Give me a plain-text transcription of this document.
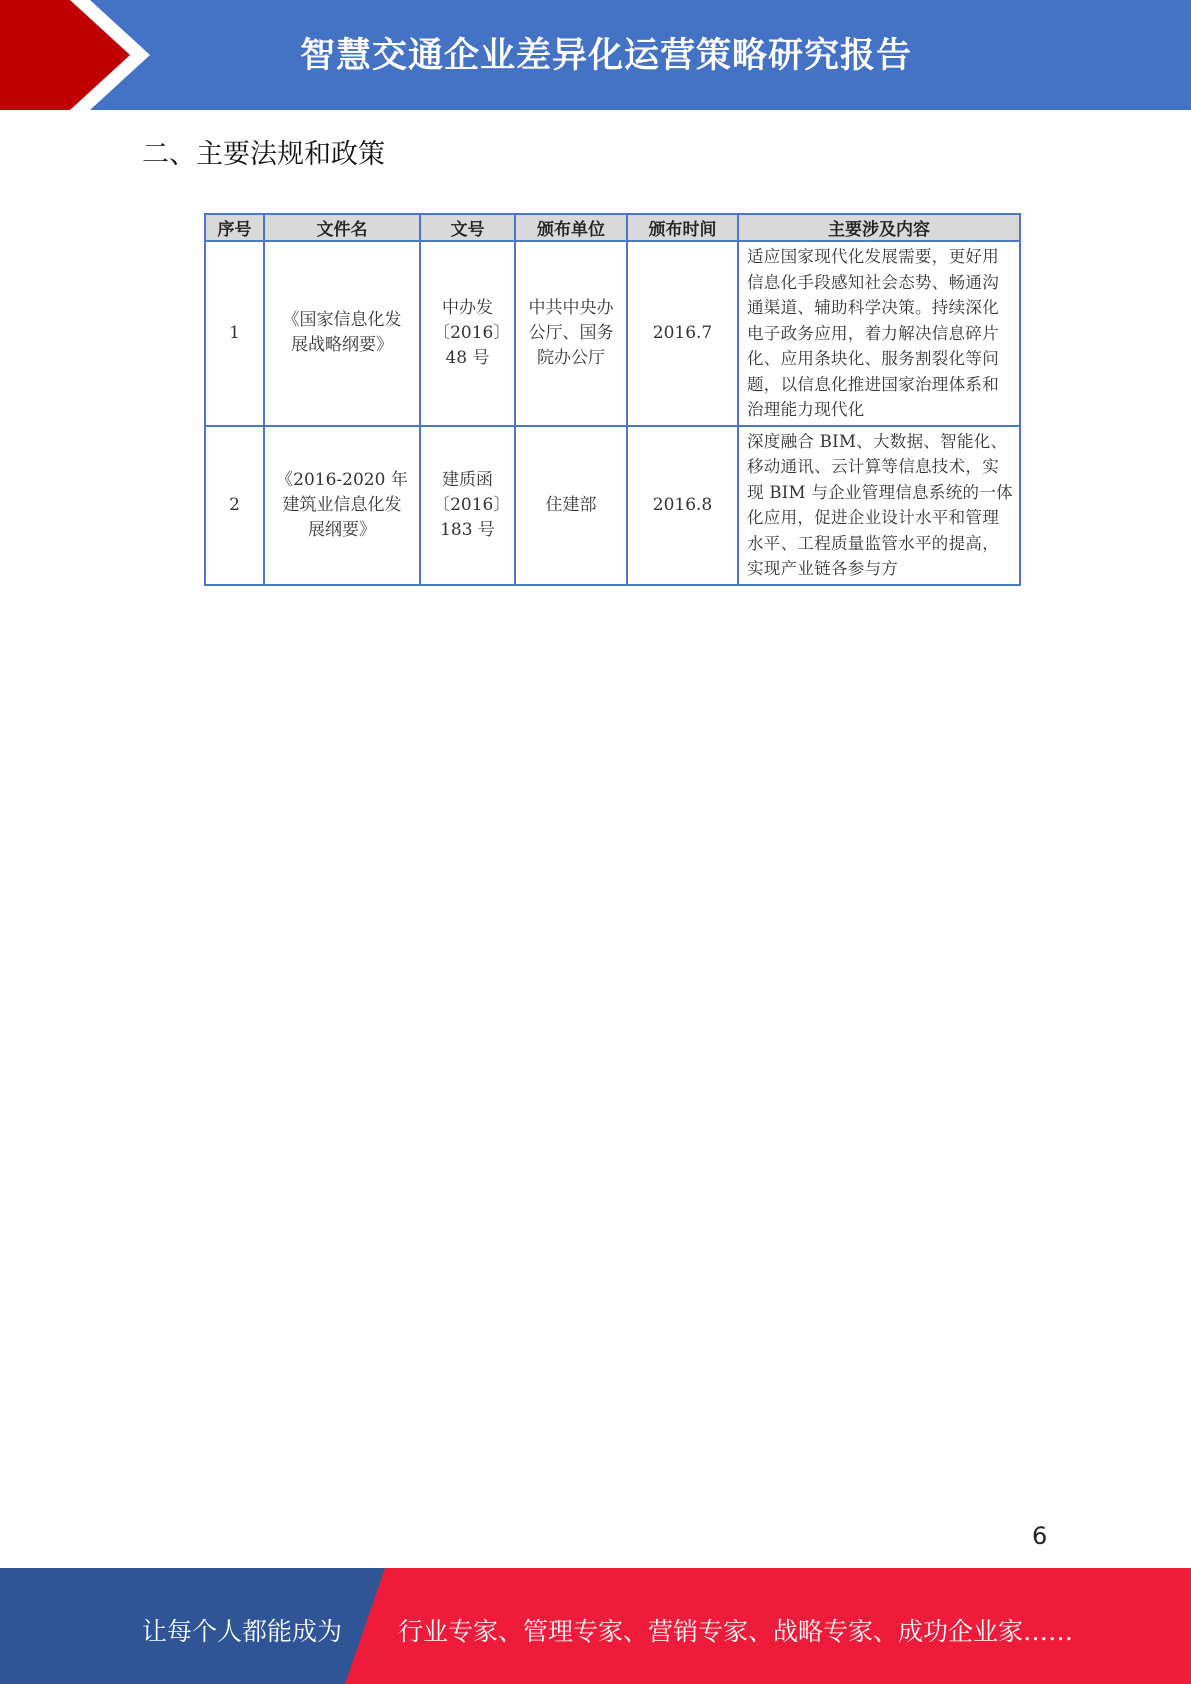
智慧交通企业差异化运营策略研究报告
二、主要法规和政策
序号	文件名	文号	颁布单位	颁布时间	主要涉及内容
1	《国家信息化发展战略纲要》	中办发〔2016〕48 号	中共中央办公厅、国务院办公厅	2016.7	适应国家现代化发展需要，更好用信息化手段感知社会态势、畅通沟通渠道、辅助科学决策。持续深化电子政务应用，着力解决信息碎片化、应用条块化、服务割裂化等问题，以信息化推进国家治理体系和治理能力现代化
2	《2016-2020 年建筑业信息化发展纲要》	建质函〔2016〕183 号	住建部	2016.8	深度融合 BIM、大数据、智能化、移动通讯、云计算等信息技术，实现 BIM 与企业管理信息系统的一体化应用，促进企业设计水平和管理水平、工程质量监管水平的提高，实现产业链各参与方
6
让每个人都能成为 行业专家、管理专家、营销专家、战略专家、成功企业家……
